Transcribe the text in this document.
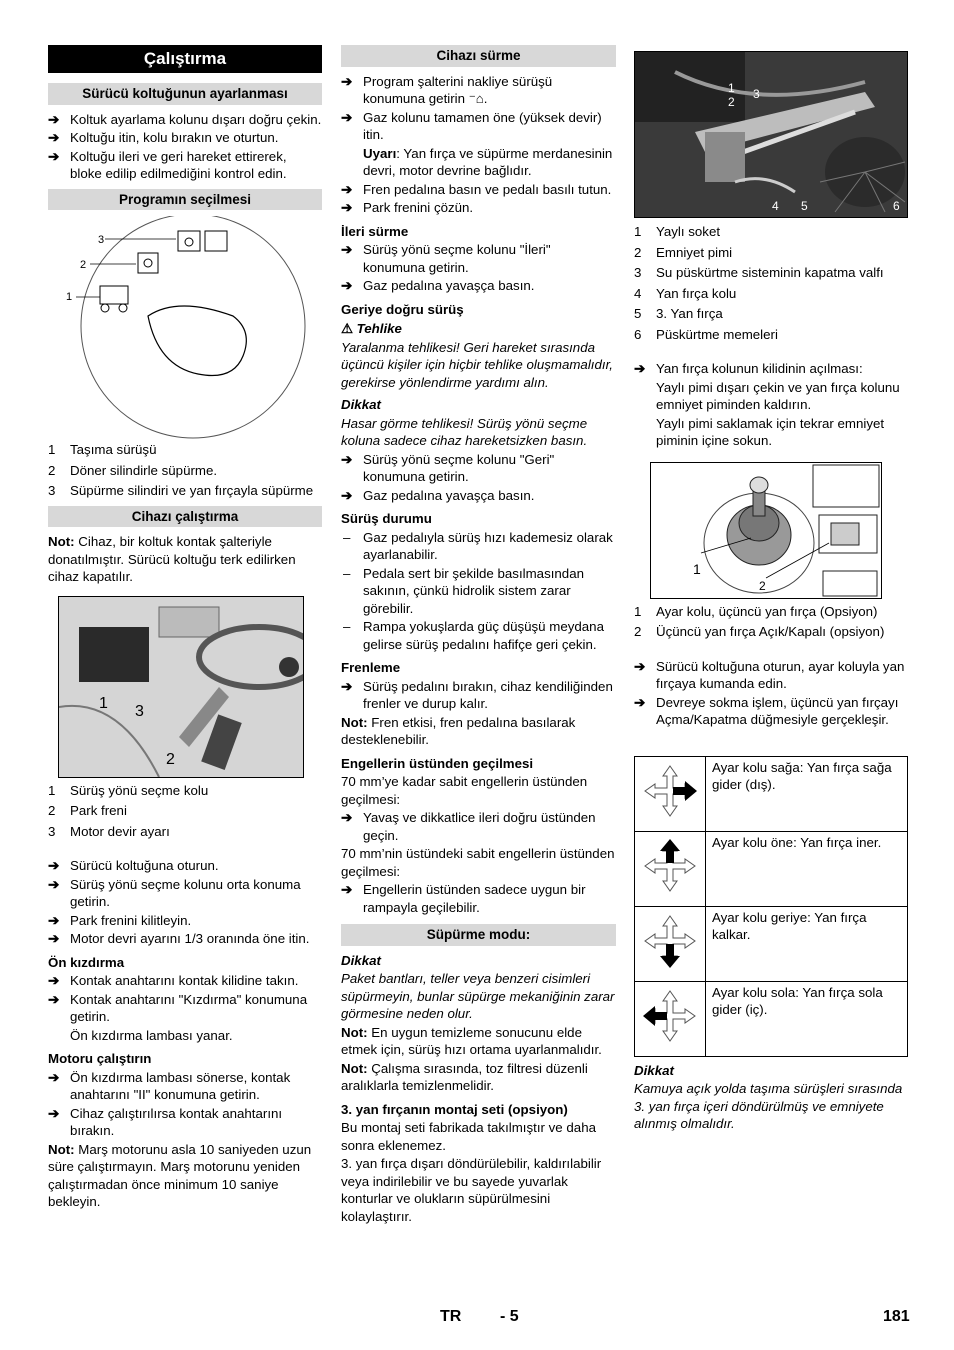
Çalıştırma
Sürücü koltuğunun ayarlanması
➔ Koltuk ayarlama kolunu dışarı doğru çekin.
➔ Koltuğu itin, kolu bırakın ve oturtun.
➔ Koltuğu ileri ve geri hareket ettirerek, bloke edilip edilmediğini kontrol edin.
Programın seçilmesi
3
2
1
1 Taşıma sürüşü
2 Döner silindirle süpürme.
3 Süpürme silindiri ve yan fırçayla süpürme
Cihazı çalıştırma
Not: Cihaz, bir koltuk kontak şalteriyle donatılmıştır. Sürücü koltuğu terk edilirken cihaz kapatılır.
1 3
2
1 Sürüş yönü seçme kolu
2 Park freni
3 Motor devir ayarı
➔ Sürücü koltuğuna oturun.
➔ Sürüş yönü seçme kolunu orta konuma getirin.
➔ Park frenini kilitleyin.
➔ Motor devri ayarını 1/3 oranında öne itin.
Ön kızdırma
➔ Kontak anahtarını kontak kilidine takın.
➔ Kontak anahtarını "Kızdırma" konumuna getirin.
Ön kızdırma lambası yanar.
Motoru çalıştırın
➔ Ön kızdırma lambası sönerse, kontak anahtarını "II" konumuna getirin.
➔ Cihaz çalıştırılırsa kontak anahtarını bırakın.
Not: Marş motorunu asla 10 saniyeden uzun süre çalıştırmayın. Marş motorunu yeniden çalıştırmadan önce minimum 10 saniye bekleyin.
Cihazı sürme
➔ Program şalterini nakliye sürüşü konumuna getirin ⁻⌂.
➔ Gaz kolunu tamamen öne (yüksek devir) itin.
Uyarı: Yan fırça ve süpürme merdanesinin devri, motor devrine bağlıdır.
➔ Fren pedalına basın ve pedalı basılı tutun.
➔ Park frenini çözün.
İleri sürme
➔ Sürüş yönü seçme kolunu "İleri" konumuna getirin.
➔ Gaz pedalına yavaşça basın.
Geriye doğru sürüş
⚠ Tehlike
Yaralanma tehlikesi! Geri hareket sırasında üçüncü kişiler için hiçbir tehlike oluşmamalıdır, gerekirse yönlendirme yardımı alın.
Dikkat
Hasar görme tehlikesi! Sürüş yönü seçme koluna sadece cihaz hareketsizken basın.
➔ Sürüş yönü seçme kolunu "Geri" konumuna getirin.
➔ Gaz pedalına yavaşça basın.
Sürüş durumu
– Gaz pedalıyla sürüş hızı kademesiz olarak ayarlanabilir.
– Pedala sert bir şekilde basılmasından sakının, çünkü hidrolik sistem zarar görebilir.
– Rampa yokuşlarda güç düşüşü meydana gelirse sürüş pedalını hafifçe geri çekin.
Frenleme
➔ Sürüş pedalını bırakın, cihaz kendiliğinden frenler ve durup kalır.
Not: Fren etkisi, fren pedalına basılarak desteklenebilir.
Engellerin üstünden geçilmesi
70 mm’ye kadar sabit engellerin üstünden geçilmesi:
➔ Yavaş ve dikkatlice ileri doğru üstünden geçin.
70 mm’nin üstündeki sabit engellerin üstünden geçilmesi:
➔ Engellerin üstünden sadece uygun bir rampayla geçilebilir.
Süpürme modu:
Dikkat
Paket bantları, teller veya benzeri cisimleri süpürmeyin, bunlar süpürge mekaniğinin zarar görmesine neden olur.
Not: En uygun temizleme sonucunu elde etmek için, sürüş hızı ortama uyarlanmalıdır.
Not: Çalışma sırasında, toz filtresi düzenli aralıklarla temizlenmelidir.
3. yan fırçanın montaj seti (opsiyon)
Bu montaj seti fabrikada takılmıştır ve daha sonra eklenemez.
3. yan fırça dışarı döndürülebilir, kaldırılabilir veya indirilebilir ve bu sayede yuvarlak konturlar ve olukların süpürülmesini kolaylaştırır.
1
2
3
4 5	6
1 Yaylı soket
2 Emniyet pimi
3 Su püskürtme sisteminin kapatma valfı
4 Yan fırça kolu
5 3. Yan fırça
6 Püskürtme memeleri
➔ Yan fırça kolunun kilidinin açılması:
Yaylı pimi dışarı çekin ve yan fırça kolunu emniyet piminden kaldırın.
Yaylı pimi saklamak için tekrar emniyet piminin içine sokun.
1
2
1 Ayar kolu, üçüncü yan fırça (Opsiyon)
2 Üçüncü yan fırça Açık/Kapalı (opsiyon)
➔ Sürücü koltuğuna oturun, ayar koluyla yan fırçaya kumanda edin.
➔ Devreye sokma işlem, üçüncü yan fırçayı Açma/Kapatma düğmesiyle gerçekleşir.
	Ayar kolu sağa: Yan fırça sağa gider (dış).
	Ayar kolu öne: Yan fırça iner.
	Ayar kolu geriye: Yan fırça kalkar.
	Ayar kolu sola: Yan fırça sola gider (iç).
Dikkat
Kamuya açık yolda taşıma sürüşleri sırasında 3. yan fırça içeri döndürülmüş ve emniyete alınmış olmalıdır.
TR - 5	181
